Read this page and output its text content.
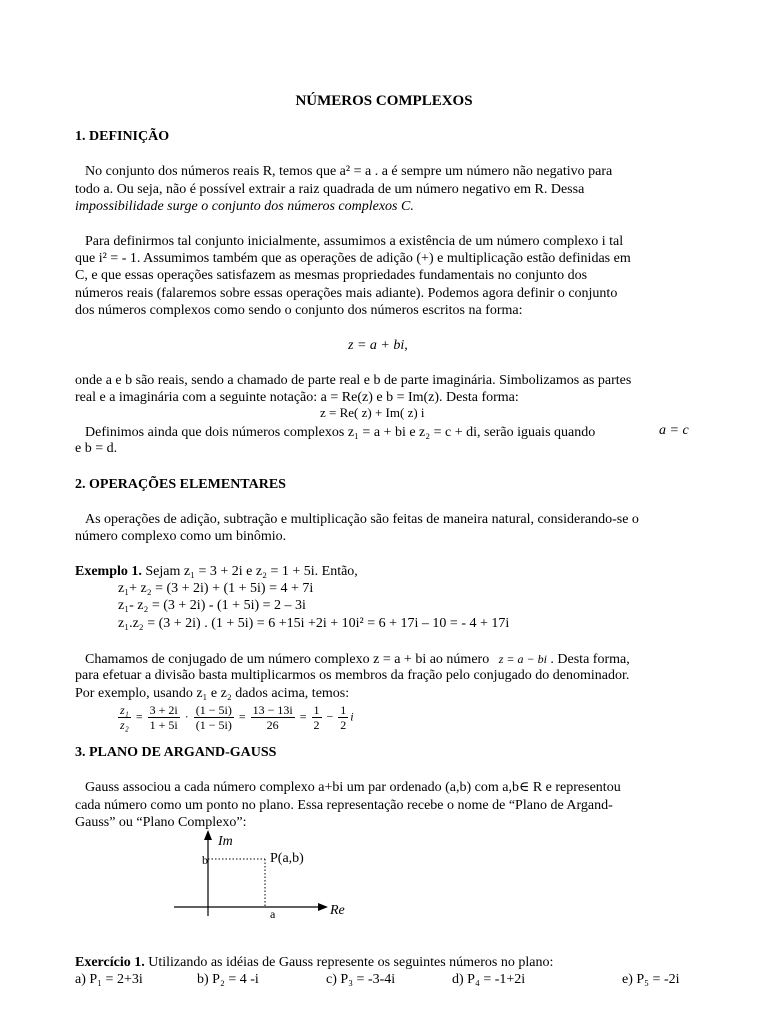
NÚMEROS COMPLEXOS
1. DEFINIÇÃO
No conjunto dos números reais R, temos que a² = a . a é sempre um número não negativo para
todo a. Ou seja, não é possível extrair a raiz quadrada de um número negativo em R. Dessa
impossibilidade surge o conjunto dos números complexos C.
Para definirmos tal conjunto inicialmente, assumimos a existência de um número complexo i tal
que i² = - 1. Assumimos também que as operações de adição (+) e multiplicação estão definidas em
C, e que essas operações satisfazem as mesmas propriedades fundamentais no conjunto dos
números reais (falaremos sobre essas operações mais adiante). Podemos agora definir o conjunto
dos números complexos como sendo o conjunto dos números escritos na forma:
z = a + bi,
onde a e b são reais, sendo a chamado de parte real e b de parte imaginária. Simbolizamos as partes
real e a imaginária com a seguinte notação: a = Re(z) e b = Im(z). Desta forma:
z = Re( z) + Im( z) i
Definimos ainda que dois números complexos z₁ = a + bi e z₂ = c + di, serão iguais quando	a = c
e b = d.
2. OPERAÇÕES ELEMENTARES
As operações de adição, subtração e multiplicação são feitas de maneira natural, considerando-se o
número complexo como um binômio.
Exemplo 1. Sejam z₁ = 3 + 2i e z₂ = 1 + 5i. Então,
z₁+ z₂ = (3 + 2i) + (1 + 5i) = 4 + 7i
z₁- z₂ = (3 + 2i) - (1 + 5i) = 2 – 3i
z₁.z₂ = (3 + 2i) . (1 + 5i) = 6 +15i +2i + 10i² = 6 + 17i – 10 = - 4 + 17i
Chamamos de conjugado de um número complexo z = a + bi ao número z = a − bi . Desta forma,
para efetuar a divisão basta multiplicarmos os membros da fração pelo conjugado do denominador.
Por exemplo, usando z₁ e z₂ dados acima, temos:
$\frac{\text{z₁}}{\text{z₂}} = \frac{3 + 2i}{1 + 5i} \cdot \frac{(1 - 5i)}{(1 - 5i)} = \frac{13 - 13i}{26} = \frac{1}{2} - \frac{1}{2}$ i
3. PLANO DE ARGAND-GAUSS
Gauss associou a cada número complexo a+bi um par ordenado (a,b) com a,b∈ R e representou
cada número como um ponto no plano. Essa representação recebe o nome de “Plano de Argand-
Gauss” ou “Plano Complexo”:
Im
b	P(a,b)
a	Re
Exercício 1. Utilizando as idéias de Gauss represente os seguintes números no plano:
a) P₁ = 2+3i	b) P₂ = 4 -i	c) P₃ = -3-4i	d) P₄ = -1+2i	e) P₅ = -2i
